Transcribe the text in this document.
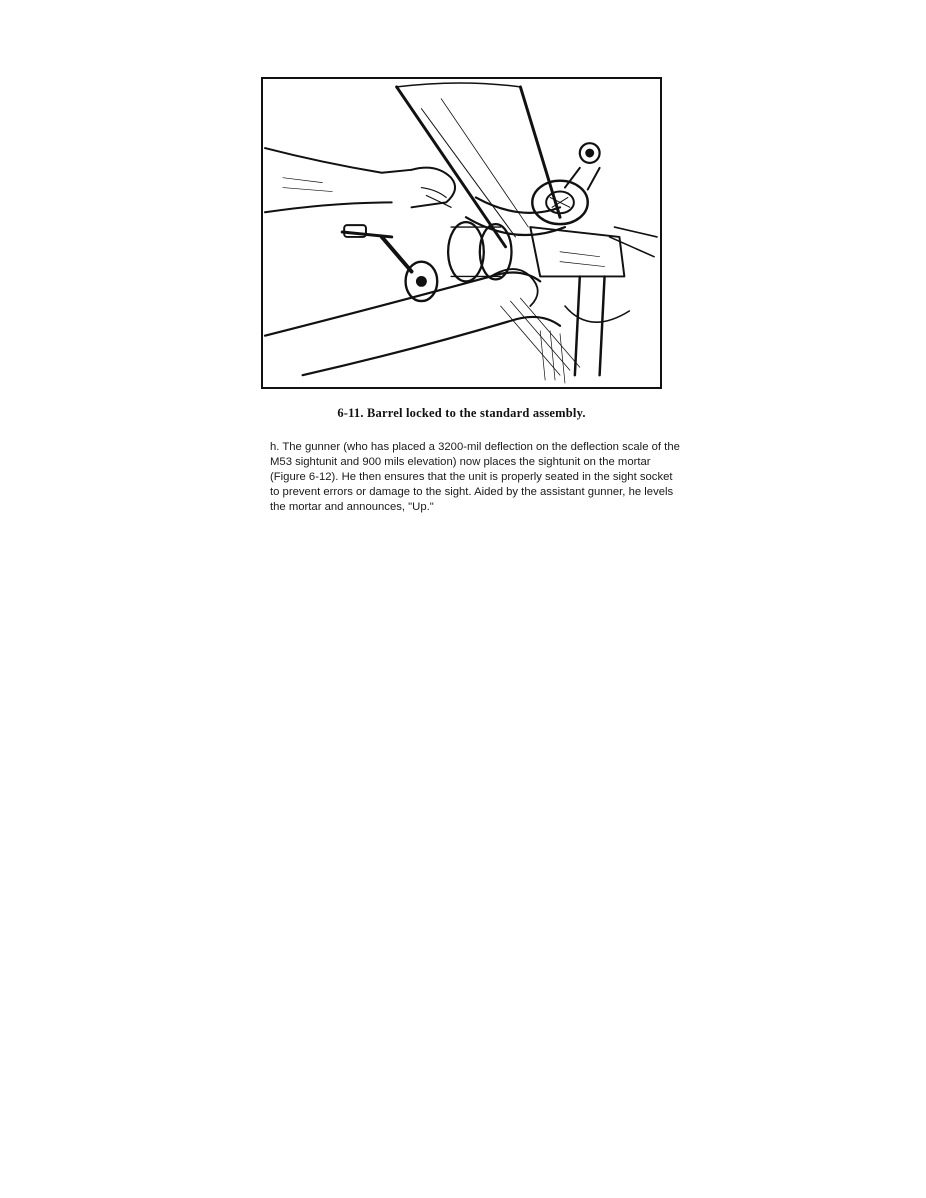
6-11. Barrel locked to the standard assembly.
h. The gunner (who has placed a 3200-mil deflection on the deflection scale of the
M53 sightunit and 900 mils elevation) now places the sightunit on the mortar
(Figure 6-12). He then ensures that the unit is properly seated in the sight socket
to prevent errors or damage to the sight. Aided by the assistant gunner, he levels
the mortar and announces, "Up."
